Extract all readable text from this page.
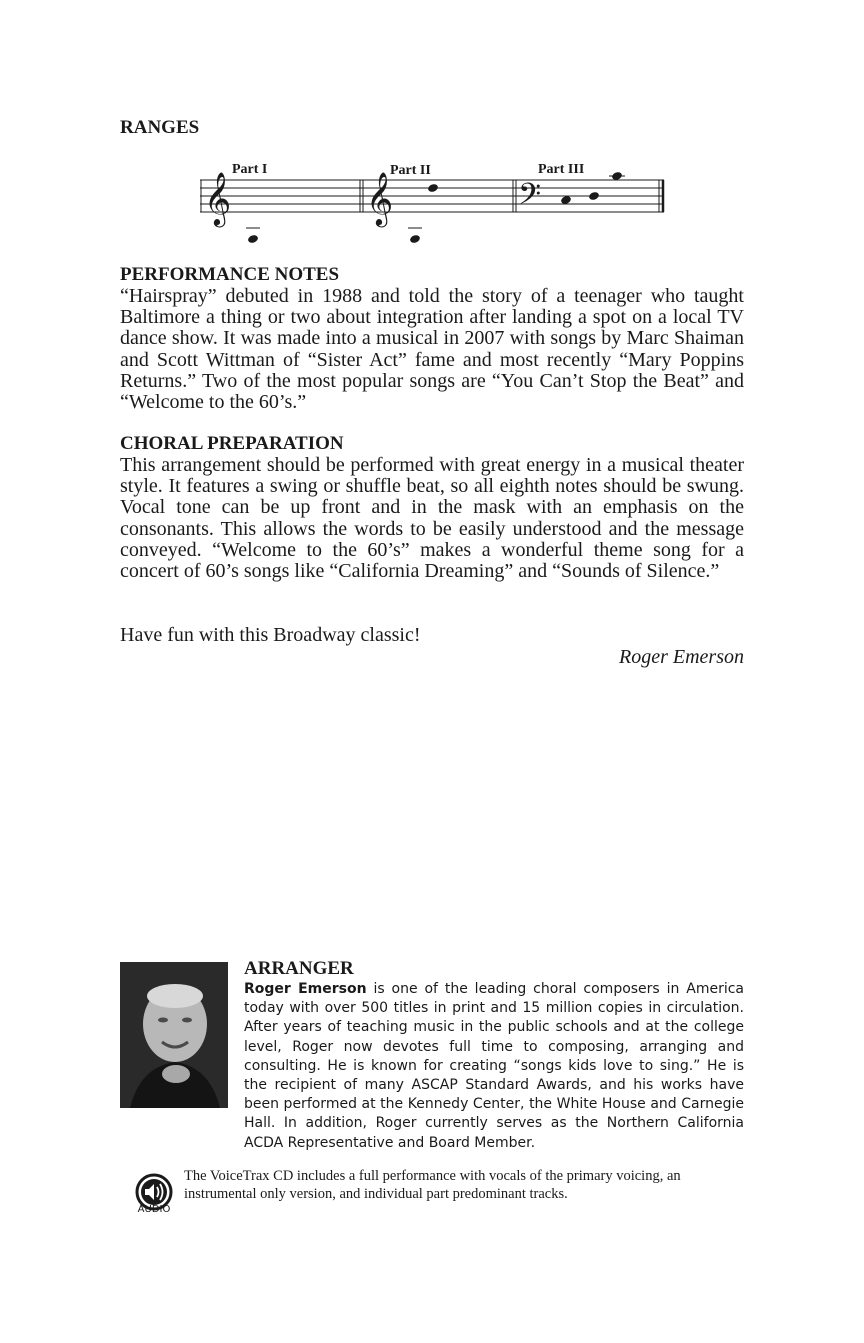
RANGES
Part I	Part II	Part III
𝄞	𝄞	𝄢
PERFORMANCE NOTES

“Hairspray” debuted in 1988 and told the story of a teenager who taught Baltimore a thing or two about integration after landing a spot on a local TV dance show. It was made into a musical in 2007 with songs by Marc Shaiman and Scott Wittman of “Sister Act” fame and most recently “Mary Poppins Returns.” Two of the most popular songs are “You Can’t Stop the Beat” and “Welcome to the 60’s.”

CHORAL PREPARATION

This arrangement should be performed with great energy in a musical theater style. It features a swing or shuffle beat, so all eighth notes should be swung. Vocal tone can be up front and in the mask with an emphasis on the consonants. This allows the words to be easily understood and the message conveyed. “Welcome to the 60’s” makes a wonderful theme song for a concert of 60’s songs like “California Dreaming” and “Sounds of Silence.”

Have fun with this Broadway classic!
Roger Emerson
ARRANGER

Roger Emerson is one of the leading choral composers in America today with over 500 titles in print and 15 million copies in circulation. After years of teaching music in the public schools and at the college level, Roger now devotes full time to composing, arranging and consulting. He is known for creating “songs kids love to sing.” He is the recipient of many ASCAP Standard Awards, and his works have been performed at the Kennedy Center, the White House and Carnegie Hall. In addition, Roger currently serves as the Northern California ACDA Representative and Board Member.

AUDIO

The VoiceTrax CD includes a full performance with vocals of the primary voicing, an instrumental only version, and individual part predominant tracks.
